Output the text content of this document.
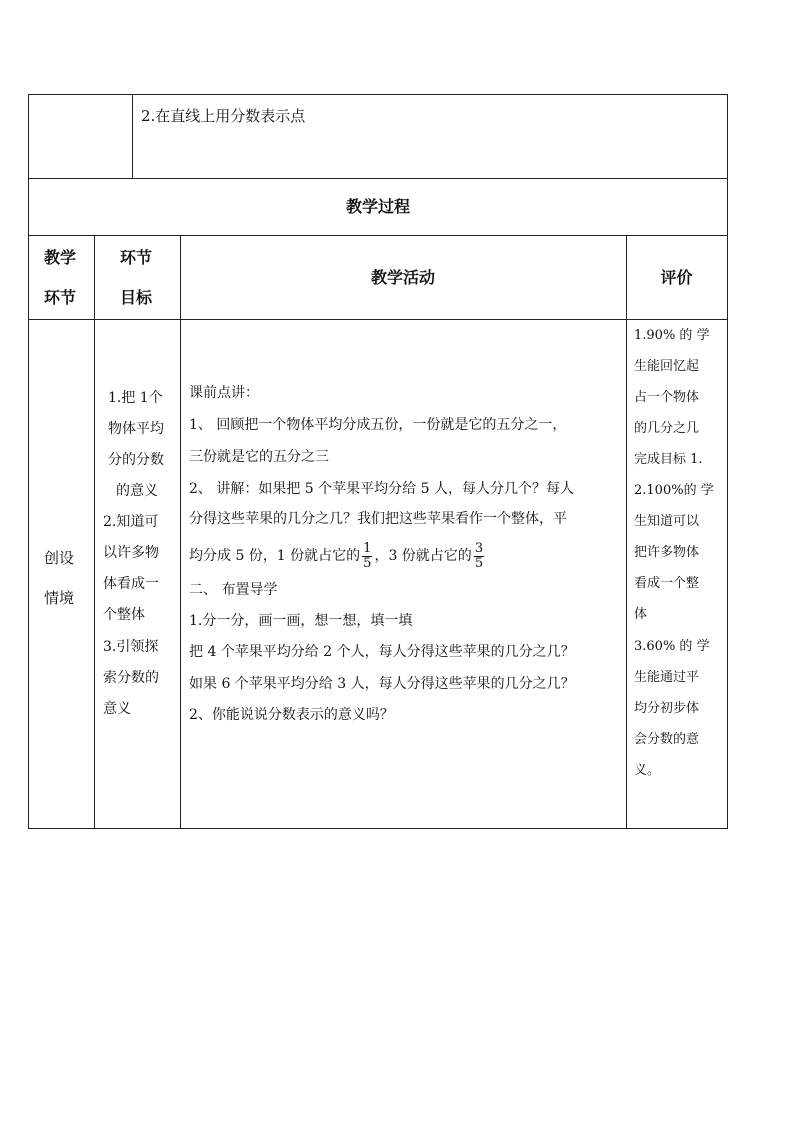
2.在直线上用分数表示点
教学过程
教学
环节
环节
目标
教学活动	评价
创设
情境
1.把 1个
物体平均
分的分数
的意义
2.知道可
以许多物
体看成一
个整体
3.引领探
索分数的
意义
课前点讲：
1、 回顾把一个物体平均分成五份，一份就是它的五分之一，
三份就是它的五分之三
2、 讲解：如果把 5 个苹果平均分给 5 人，每人分几个？每人
分得这些苹果的几分之几？我们把这些苹果看作一个整体，平
均分成 5 份，1 份就占它的 $\frac{1}{5}$ ，3 份就占它的 $\frac{3}{5}$
二、 布置导学
1.分一分，画一画，想一想，填一填
把 4 个苹果平均分给 2 个人，每人分得这些苹果的几分之几？
如果 6 个苹果平均分给 3 人，每人分得这些苹果的几分之几？
2、你能说说分数表示的意义吗？
1.90% 的 学
生能回忆起
占一个物体
的几分之几
完成目标 1.
2.100%的 学
生知道可以
把许多物体
看成一个整
体
3.60% 的 学
生能通过平
均分初步体
会分数的意
义。
